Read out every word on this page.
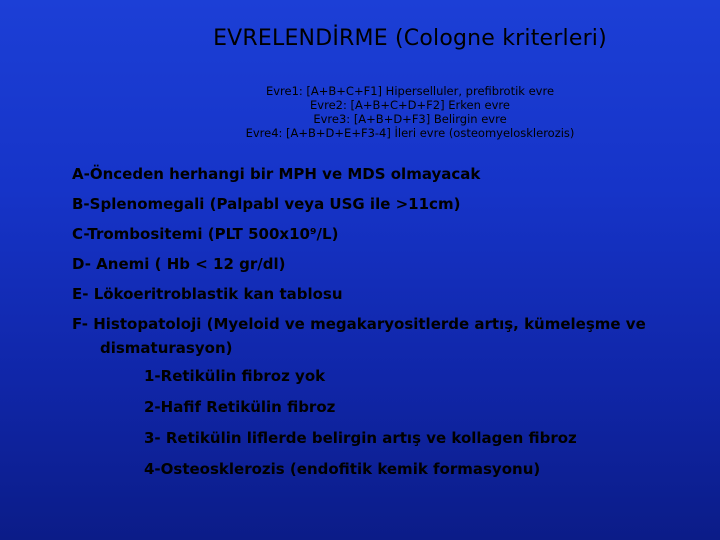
EVRELENDİRME (Cologne kriterleri)
Evre1: [A+B+C+F1] Hiperselluler, prefibrotik evre
Evre2: [A+B+C+D+F2] Erken evre
Evre3: [A+B+D+F3] Belirgin evre
Evre4: [A+B+D+E+F3-4] İleri evre (osteomyelosklerozis)
A-Önceden herhangi bir MPH ve MDS olmayacak
B-Splenomegali (Palpabl veya USG ile >11cm)
C-Trombositemi (PLT 500x10⁹/L)
D- Anemi ( Hb < 12 gr/dl)
E- Lökoeritroblastik kan tablosu
F- Histopatoloji (Myeloid ve megakaryositlerde artış, kümeleşme ve
dismaturasyon)
1-Retikülin fibroz yok
2-Hafif Retikülin fibroz
3- Retikülin liflerde belirgin artış ve kollagen fibroz
4-Osteosklerozis (endofitik kemik formasyonu)
